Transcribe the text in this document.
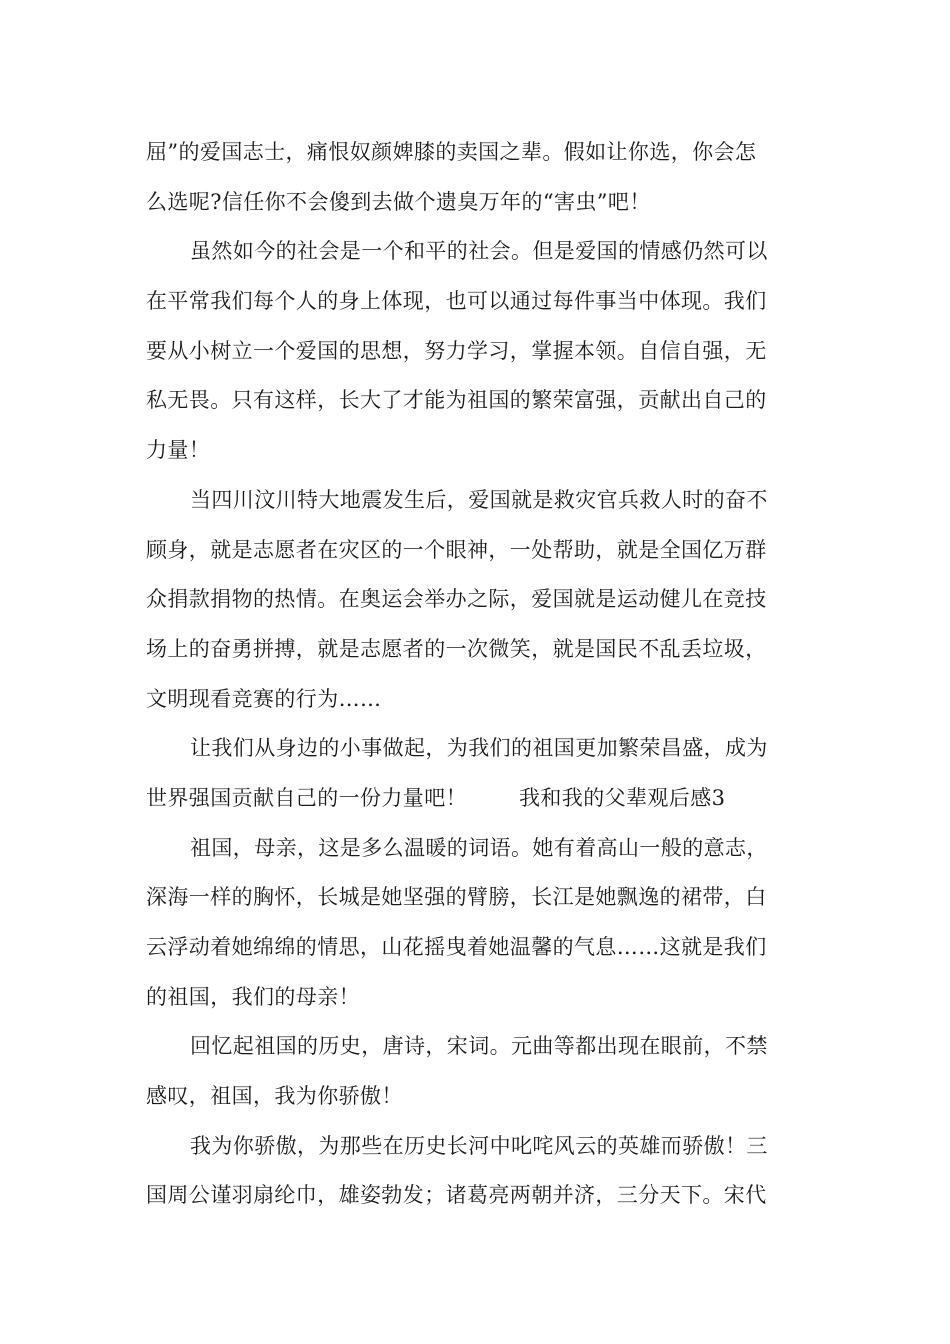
屈”的爱国志士，痛恨奴颜婢膝的卖国之辈。假如让你选，你会怎
么选呢?信任你不会傻到去做个遗臭万年的“害虫”吧！
虽然如今的社会是一个和平的社会。但是爱国的情感仍然可以
在平常我们每个人的身上体现，也可以通过每件事当中体现。我们
要从小树立一个爱国的思想，努力学习，掌握本领。自信自强，无
私无畏。只有这样，长大了才能为祖国的繁荣富强，贡献出自己的
力量！
当四川汶川特大地震发生后，爱国就是救灾官兵救人时的奋不
顾身，就是志愿者在灾区的一个眼神，一处帮助，就是全国亿万群
众捐款捐物的热情。在奥运会举办之际，爱国就是运动健儿在竞技
场上的奋勇拼搏，就是志愿者的一次微笑，就是国民不乱丢垃圾，
文明现看竞赛的行为……
让我们从身边的小事做起，为我们的祖国更加繁荣昌盛，成为
世界强国贡献自己的一份力量吧！ 我和我的父辈观后感3
祖国，母亲，这是多么温暖的词语。她有着高山一般的意志，
深海一样的胸怀，长城是她坚强的臂膀，长江是她飘逸的裙带，白
云浮动着她绵绵的情思，山花摇曳着她温馨的气息……这就是我们
的祖国，我们的母亲！
回忆起祖国的历史，唐诗，宋词。元曲等都出现在眼前，不禁
感叹，祖国，我为你骄傲！
我为你骄傲，为那些在历史长河中叱咤风云的英雄而骄傲！三
国周公谨羽扇纶巾，雄姿勃发；诸葛亮两朝并济，三分天下。宋代
